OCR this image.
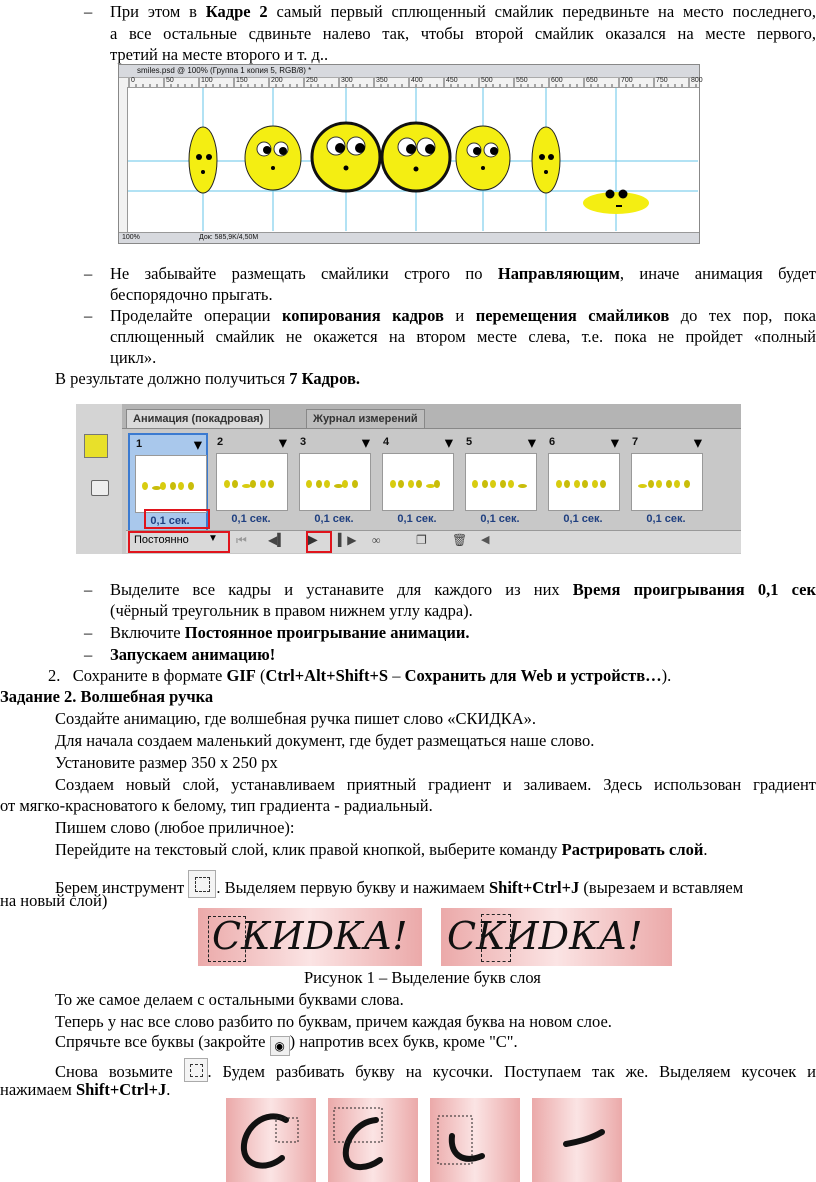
– При этом в Кадре 2 самый первый сплющенный смайлик передвиньте на место последнего,
а все остальные сдвиньте налево так, чтобы второй смайлик оказался на месте первого,
третий на месте второго и т. д..
smiles.psd @ 100% (Группа 1 копия 5, RGB/8) *
0	50	100	150	200	250	300	350	400	450	500	550	600	650	700	750	800
100%	Док: 585,9K/4,50M
– Не забывайте размещать смайлики строго по Направляющим, иначе анимация будет
беспорядочно прыгать.
– Проделайте операции копирования кадров и перемещения смайликов до тех пор, пока
сплющенный смайлик не окажется на втором месте слева, т.е. пока не пройдет «полный
цикл».
В результате должно получиться 7 Кадров.
Анимация (покадровая)	Журнал измерений
1
0,1 сек.
▾ 2
0,1 сек.
▾ 3
0,1 сек.
▾ 4
0,1 сек.
▾ 5
0,1 сек.
▾ 6
0,1 сек.
▾ 7
0,1 сек.
▾
Постоянно ▼ ⏮ ◀▍ ▶ ▍▶ ∞	❐ 🗑 ◀
– Выделите все кадры и устанавите для каждого из них Время проигрывания 0,1 сек
(чёрный треугольник в правом нижнем углу кадра).
– Включите Постоянное проигрывание анимации.
– Запускаем анимацию!
2. Сохраните в формате GIF (Ctrl+Alt+Shift+S – Сохранить для Web и устройств…).
Задание 2. Волшебная ручка
Создайте анимацию, где волшебная ручка пишет слово «СКИДКА».
Для начала создаем маленький документ, где будет размещаться наше слово.
Установите размер 350 х 250 px
Создаем новый слой, устанавливаем приятный градиент и заливаем. Здесь использован градиент
от мягко-красноватого к белому, тип градиента - радиальный.
Пишем слово (любое приличное):
Перейдите на текстовый слой, клик правой кнопкой, выберите команду Растрировать слой.
Берем инструмент
. Выделяем первую букву и нажимаем Shift+Ctrl+J (вырезаем и вставляем
на новый слой)
СКИDКА! СКИDКА!
Рисунок 1 – Выделение букв слоя
То же самое делаем с остальными буквами слова.
Теперь у нас все слово разбито по буквам, причем каждая буква на новом слое.
Спрячьте все буквы (закройте ◉ ) напротив всех букв, кроме "С".
Снова возьмите
. Будем разбивать букву на кусочки. Поступаем так же. Выделяем кусочек и
нажимаем Shift+Ctrl+J.
